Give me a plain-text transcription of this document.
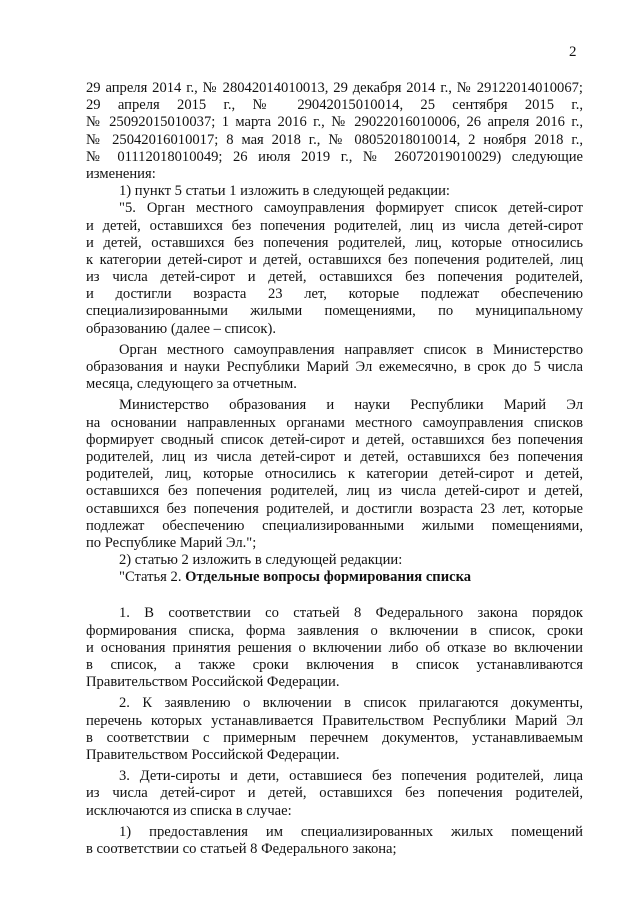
2
29 апреля 2014 г., № 28042014010013, 29 декабря 2014 г., № 29122014010067;
29 апреля 2015 г., № 29042015010014, 25 сентября 2015 г.,
№ 25092015010037; 1 марта 2016 г., № 29022016010006, 26 апреля 2016 г.,
№ 25042016010017; 8 мая 2018 г., № 08052018010014, 2 ноября 2018 г.,
№ 01112018010049; 26 июля 2019 г., № 26072019010029) следующие
изменения:
1) пункт 5 статьи 1 изложить в следующей редакции:
"5. Орган местного самоуправления формирует список детей-сирот
и детей, оставшихся без попечения родителей, лиц из числа детей-сирот
и детей, оставшихся без попечения родителей, лиц, которые относились
к категории детей-сирот и детей, оставшихся без попечения родителей, лиц
из числа детей-сирот и детей, оставшихся без попечения родителей,
и достигли возраста 23 лет, которые подлежат обеспечению
специализированными жилыми помещениями, по муниципальному
образованию (далее – список).
Орган местного самоуправления направляет список в Министерство
образования и науки Республики Марий Эл ежемесячно, в срок до 5 числа
месяца, следующего за отчетным.
Министерство образования и науки Республики Марий Эл
на основании направленных органами местного самоуправления списков
формирует сводный список детей-сирот и детей, оставшихся без попечения
родителей, лиц из числа детей-сирот и детей, оставшихся без попечения
родителей, лиц, которые относились к категории детей-сирот и детей,
оставшихся без попечения родителей, лиц из числа детей-сирот и детей,
оставшихся без попечения родителей, и достигли возраста 23 лет, которые
подлежат обеспечению специализированными жилыми помещениями,
по Республике Марий Эл.";
2) статью 2 изложить в следующей редакции:
"Статья 2. Отдельные вопросы формирования списка
1. В соответствии со статьей 8 Федерального закона порядок
формирования списка, форма заявления о включении в список, сроки
и основания принятия решения о включении либо об отказе во включении
в список, а также сроки включения в список устанавливаются
Правительством Российской Федерации.
2. К заявлению о включении в список прилагаются документы,
перечень которых устанавливается Правительством Республики Марий Эл
в соответствии с примерным перечнем документов, устанавливаемым
Правительством Российской Федерации.
3. Дети-сироты и дети, оставшиеся без попечения родителей, лица
из числа детей-сирот и детей, оставшихся без попечения родителей,
исключаются из списка в случае:
1) предоставления им специализированных жилых помещений
в соответствии со статьей 8 Федерального закона;
